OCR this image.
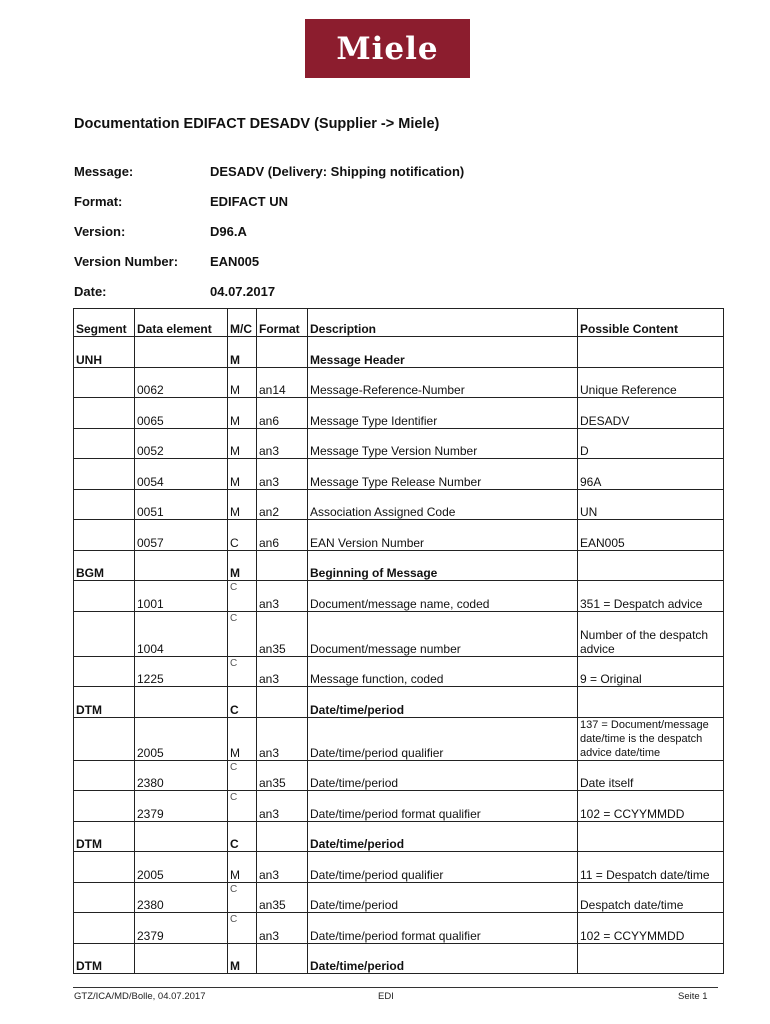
Miele
Documentation EDIFACT DESADV (Supplier -> Miele)
Message:	DESADV (Delivery: Shipping notification)
Format:	EDIFACT UN
Version:	D96.A
Version Number: EAN005
Date:	04.07.2017
Segment	Data element	M/C	Format	Description	Possible Content
UNH		M		Message Header	
	0062	M	an14	Message-Reference-Number	Unique Reference
	0065	M	an6	Message Type Identifier	DESADV
	0052	M	an3	Message Type Version Number	D
	0054	M	an3	Message Type Release Number	96A
	0051	M	an2	Association Assigned Code	UN
	0057	C	an6	EAN Version Number	EAN005
BGM		M		Beginning of Message	
	1001	C	an3	Document/message name, coded	351 = Despatch advice
	1004	C	an35	Document/message number	Number of the despatch advice
	1225	C	an3	Message function, coded	9 = Original
DTM		C		Date/time/period	
	2005	M	an3	Date/time/period qualifier	137 = Document/message date/time is the despatch advice date/time
	2380	C	an35	Date/time/period	Date itself
	2379	C	an3	Date/time/period format qualifier	102 = CCYYMMDD
DTM		C		Date/time/period	
	2005	M	an3	Date/time/period qualifier	11 = Despatch date/time
	2380	C	an35	Date/time/period	Despatch date/time
	2379	C	an3	Date/time/period format qualifier	102 = CCYYMMDD
DTM		M		Date/time/period	
GTZ/ICA/MD/Bolle, 04.07.2017	EDI	Seite 1
